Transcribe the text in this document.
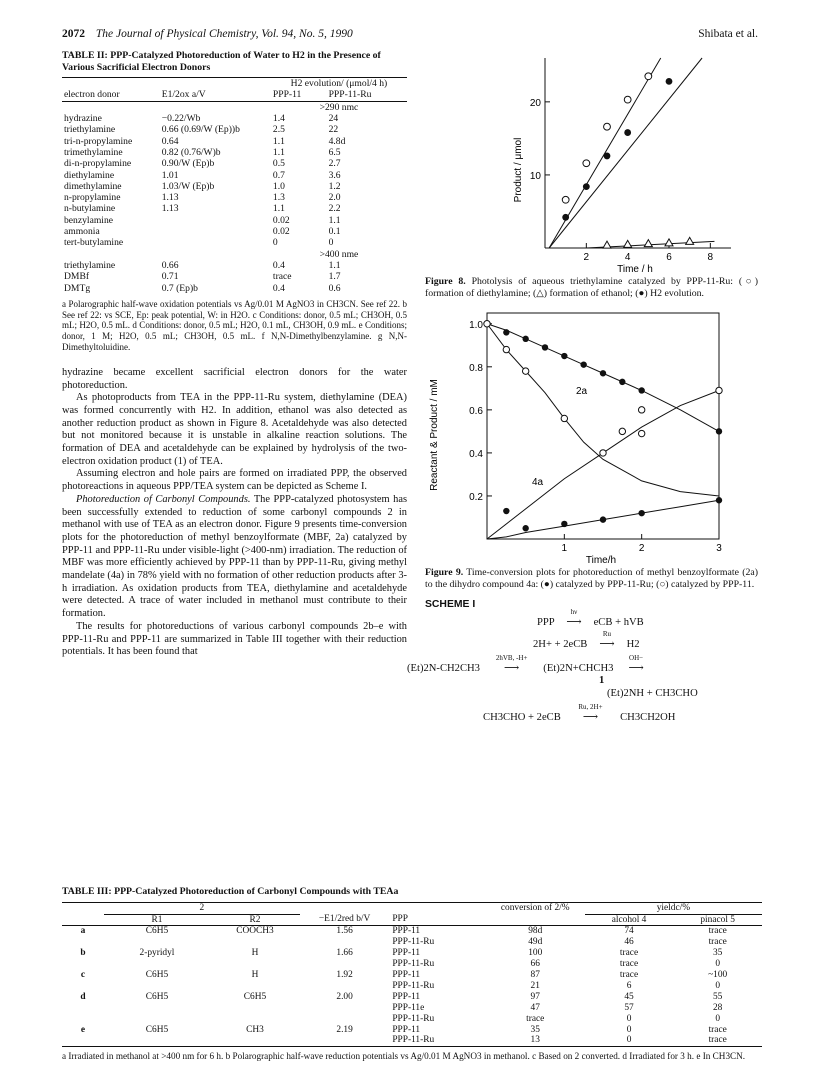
2072 The Journal of Physical Chemistry, Vol. 94, No. 5, 1990	Shibata et al.
TABLE II: PPP-Catalyzed Photoreduction of Water to H2 in the Presence of Various Sacrificial Electron Donors
		H2 evolution/ (μmol/4 h)	
electron donor	E1/2ox a/V	PPP-11	PPP-11-Ru
		>290 nmc	
hydrazine	−0.22/Wb	1.4	24
triethylamine	0.66 (0.69/W (Ep))b	2.5	22
tri-n-propylamine	0.64	1.1	4.8d
trimethylamine	0.82 (0.76/W)b	1.1	6.5
di-n-propylamine	0.90/W (Ep)b	0.5	2.7
diethylamine	1.01	0.7	3.6
dimethylamine	1.03/W (Ep)b	1.0	1.2
n-propylamine	1.13	1.3	2.0
n-butylamine	1.13	1.1	2.2
benzylamine		0.02	1.1
ammonia		0.02	0.1
tert-butylamine		0	0
		>400 nme	
triethylamine	0.66	0.4	1.1
DMBf	0.71	trace	1.7
DMTg	0.7 (Ep)b	0.4	0.6
a Polarographic half-wave oxidation potentials vs Ag/0.01 M AgNO3 in CH3CN. See ref 22. b See ref 22: vs SCE, Ep: peak potential, W: in H2O. c Conditions: donor, 0.5 mL; CH3OH, 0.5 mL; H2O, 0.5 mL. d Conditions: donor, 0.5 mL; H2O, 0.1 mL, CH3OH, 0.9 mL. e Conditions; donor, 1 M; H2O, 0.5 mL; CH3OH, 0.5 mL. f N,N-Dimethylbenzylamine. g N,N-Dimethyltoluidine.

hydrazine became excellent sacrificial electron donors for the water photoreduction.

As photoproducts from TEA in the PPP-11-Ru system, diethylamine (DEA) was formed concurrently with H2. In addition, ethanol was also detected as another reduction product as shown in Figure 8. Acetaldehyde was also detected but not monitored because it is unstable in alkaline reaction solutions. The formation of DEA and acetaldehyde can be explained by hydrolysis of the two-electron oxidation product (1) of TEA.

Assuming electron and hole pairs are formed on irradiated PPP, the observed photoreactions in aqueous PPP/TEA system can be depicted as Scheme I.

Photoreduction of Carbonyl Compounds. The PPP-catalyzed photosystem has been successfully extended to reduction of some carbonyl compounds 2 in methanol with use of TEA as an electron donor. Figure 9 presents time-conversion plots for the photoreduction of methyl benzoylformate (MBF, 2a) catalyzed by PPP-11 and PPP-11-Ru under visible-light (>400-nm) irradiation. The reduction of MBF was more efficiently achieved by PPP-11 than by PPP-11-Ru, giving methyl mandelate (4a) in 78% yield with no formation of other reduction products after 3-h irradiation. As oxidation products from TEA, diethylamine and acetaldehyde were detected. A trace of water included in methanol must contribute to their formation.

The results for photoreductions of various carbonyl compounds 2b–e with PPP-11-Ru and PPP-11 are summarized in Table III together with their reduction potentials. It has been found that

10
20
2	4	6	8
Time / h
Product / μmol
Figure 8. Photolysis of aqueous triethylamine catalyzed by PPP-11-Ru: (○) formation of diethylamine; (△) formation of ethanol; (●) H2 evolution.
0.2
0.4
0.6
0.8
1.0
1	2	3
Time/h
Reactant & Product / mM	2a
4a
Figure 9. Time-conversion plots for photoreduction of methyl benzoylformate (2a) to the dihydro compound 4a: (●) catalyzed by PPP-11-Ru; (○) catalyzed by PPP-11.
SCHEME I
PPP
hν
⟶ eCB + hVB
2H+ + 2eCB
Ru
⟶ H2
(Et)2N-CH2CH3
2hVB, -H+
⟶ (Et)2N+CHCH3
OH−
⟶
1
(Et)2NH + CH3CHO
CH3CHO + 2eCB
Ru, 2H+
⟶ CH3CH2OH
TABLE III: PPP-Catalyzed Photoreduction of Carbonyl Compounds with TEAa
	2				conversion of 2/%	yieldc/%	
	R1	R2	−E1/2red b/V	PPP		alcohol 4	pinacol 5
a	C6H5	COOCH3	1.56	PPP-11	98d	74	trace
				PPP-11-Ru	49d	46	trace
b	2-pyridyl	H	1.66	PPP-11	100	trace	35
				PPP-11-Ru	66	trace	0
c	C6H5	H	1.92	PPP-11	87	trace	~100
				PPP-11-Ru	21	6	0
d	C6H5	C6H5	2.00	PPP-11	97	45	55
				PPP-11e	47	57	28
				PPP-11-Ru	trace	0	0
e	C6H5	CH3	2.19	PPP-11	35	0	trace
				PPP-11-Ru	13	0	trace
a Irradiated in methanol at >400 nm for 6 h. b Polarographic half-wave reduction potentials vs Ag/0.01 M AgNO3 in methanol. c Based on 2 converted. d Irradiated for 3 h. e In CH3CN.
